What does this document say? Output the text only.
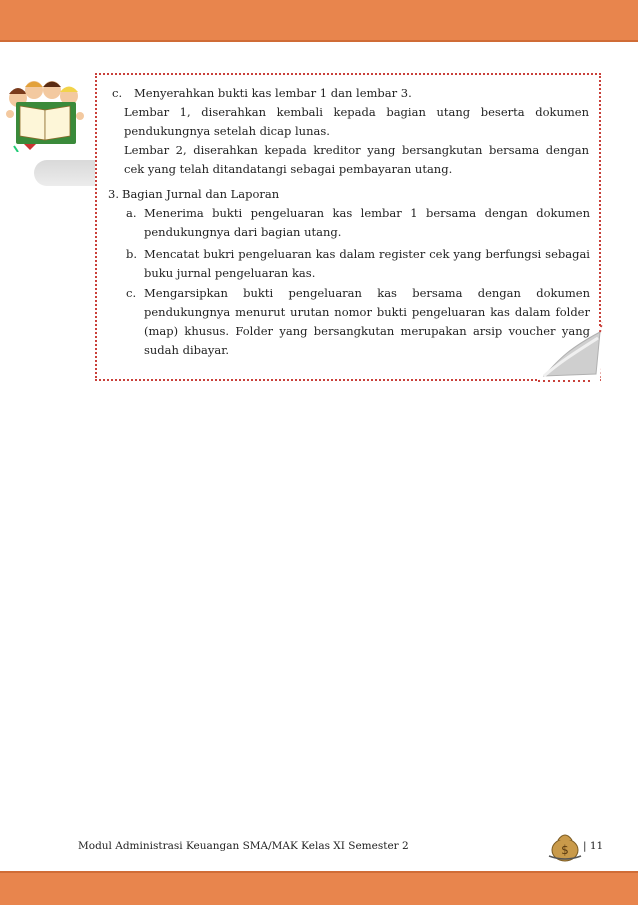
c. Menyerahkan bukti kas lembar 1 dan lembar 3.
Lembar 1, diserahkan kembali kepada bagian utang beserta dokumen pendukungnya setelah dicap lunas.
Lembar 2, diserahkan kepada kreditor yang bersangkutan bersama dengan cek yang telah ditandatangi sebagai pembayaran utang.
3. Bagian Jurnal dan Laporan
a. Menerima bukti pengeluaran kas lembar 1 bersama dengan dokumen pendukungnya dari bagian utang.
b. Mencatat bukri pengeluaran kas dalam register cek yang berfungsi sebagai buku jurnal pengeluaran kas.
c. Mengarsipkan bukti pengeluaran kas bersama dengan dokumen pendukungnya menurut urutan nomor bukti pengeluaran kas dalam folder (map) khusus. Folder yang bersangkutan merupakan arsip voucher yang sudah dibayar.
Modul Administrasi Keuangan SMA/MAK Kelas XI Semester 2	$ | 11
